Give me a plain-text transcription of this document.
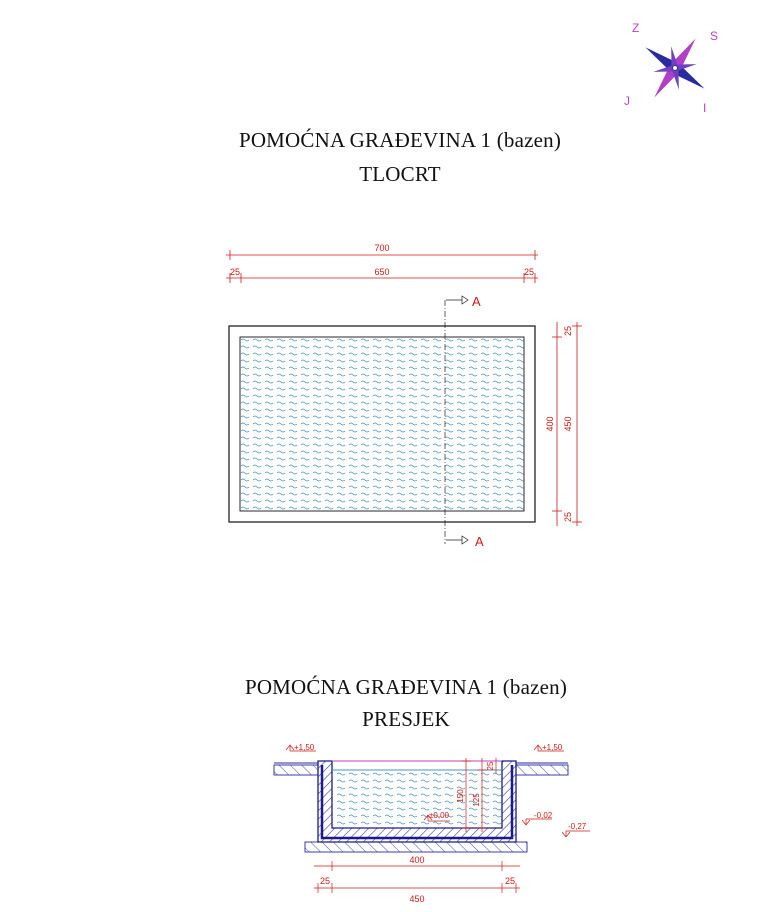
POMOĆNA GRAĐEVINA 1 (bazen)
TLOCRT
POMOĆNA GRAĐEVINA 1 (bazen)
PRESJEK
Z
S
I
J
700
25	650	25
A
A
25
400 450
25
+1,50	+1,50
±0,00	-0,02
-0,27
150 125
25
400
25	25
450
